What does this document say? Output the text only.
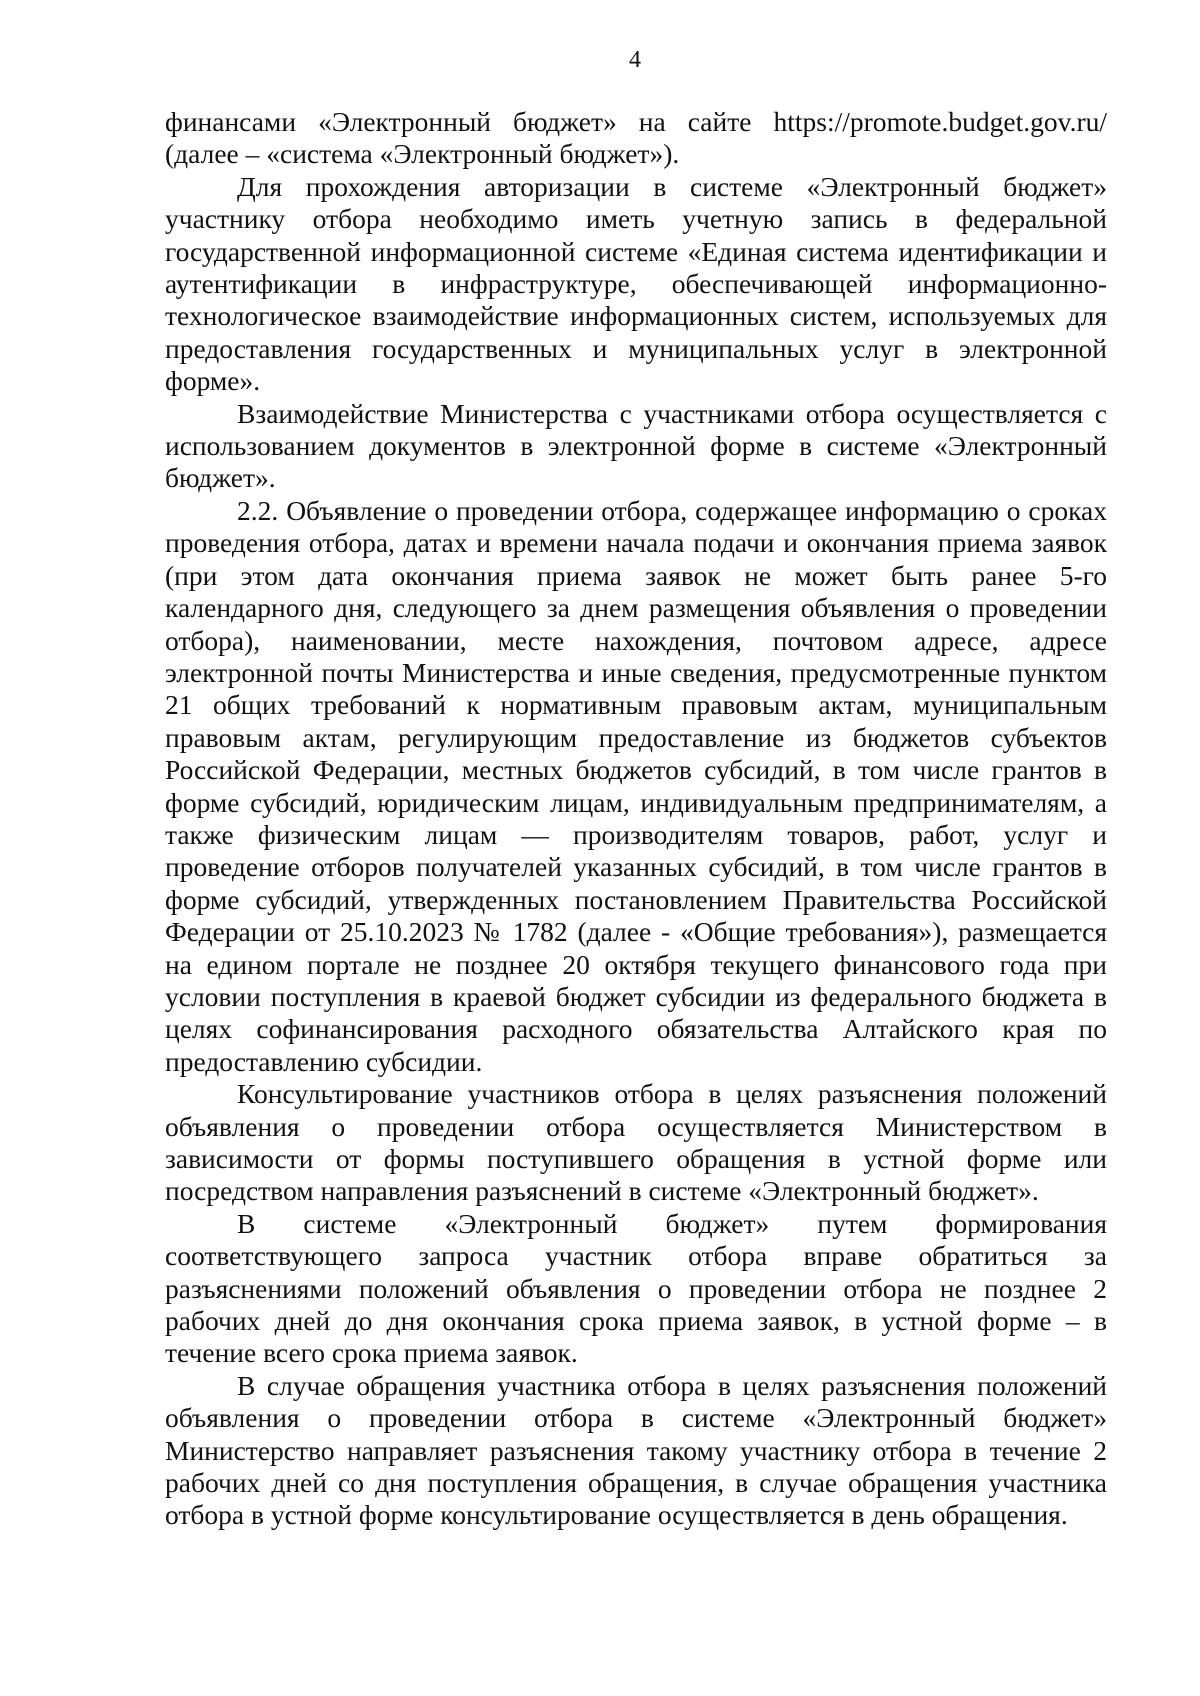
4

финансами «Электронный бюджет» на сайте https://promote.budget.gov.ru/ (далее – «система «Электронный бюджет»).

Для прохождения авторизации в системе «Электронный бюджет» участнику отбора необходимо иметь учетную запись в федеральной государственной информационной системе «Единая система идентификации и аутентификации в инфраструктуре, обеспечивающей информационно-технологическое взаимодействие информационных систем, используемых для предоставления государственных и муниципальных услуг в электронной форме».

Взаимодействие Министерства с участниками отбора осуществляется с использованием документов в электронной форме в системе «Электронный бюджет».

2.2. Объявление о проведении отбора, содержащее информацию о сроках проведения отбора, датах и времени начала подачи и окончания приема заявок (при этом дата окончания приема заявок не может быть ранее 5-го календарного дня, следующего за днем размещения объявления о проведении отбора), наименовании, месте нахождения, почтовом адресе, адресе электронной почты Министерства и иные сведения, предусмотренные пунктом 21 общих требований к нормативным правовым актам, муниципальным правовым актам, регулирующим предоставление из бюджетов субъектов Российской Федерации, местных бюджетов субсидий, в том числе грантов в форме субсидий, юридическим лицам, индивидуальным предпринимателям, а также физическим лицам — производителям товаров, работ, услуг и проведение отборов получателей указанных субсидий, в том числе грантов в форме субсидий, утвержденных постановлением Правительства Российской Федерации от 25.10.2023 № 1782 (далее - «Общие требования»), размещается на едином портале не позднее 20 октября текущего финансового года при условии поступления в краевой бюджет субсидии из федерального бюджета в целях софинансирования расходного обязательства Алтайского края по предоставлению субсидии.

Консультирование участников отбора в целях разъяснения положений объявления о проведении отбора осуществляется Министерством в зависимости от формы поступившего обращения в устной форме или посредством направления разъяснений в системе «Электронный бюджет».

В системе «Электронный бюджет» путем формирования соответствующего запроса участник отбора вправе обратиться за разъяснениями положений объявления о проведении отбора не позднее 2 рабочих дней до дня окончания срока приема заявок, в устной форме – в течение всего срока приема заявок.

В случае обращения участника отбора в целях разъяснения положений объявления о проведении отбора в системе «Электронный бюджет» Министерство направляет разъяснения такому участнику отбора в течение 2 рабочих дней со дня поступления обращения, в случае обращения участника отбора в устной форме консультирование осуществляется в день обращения.
